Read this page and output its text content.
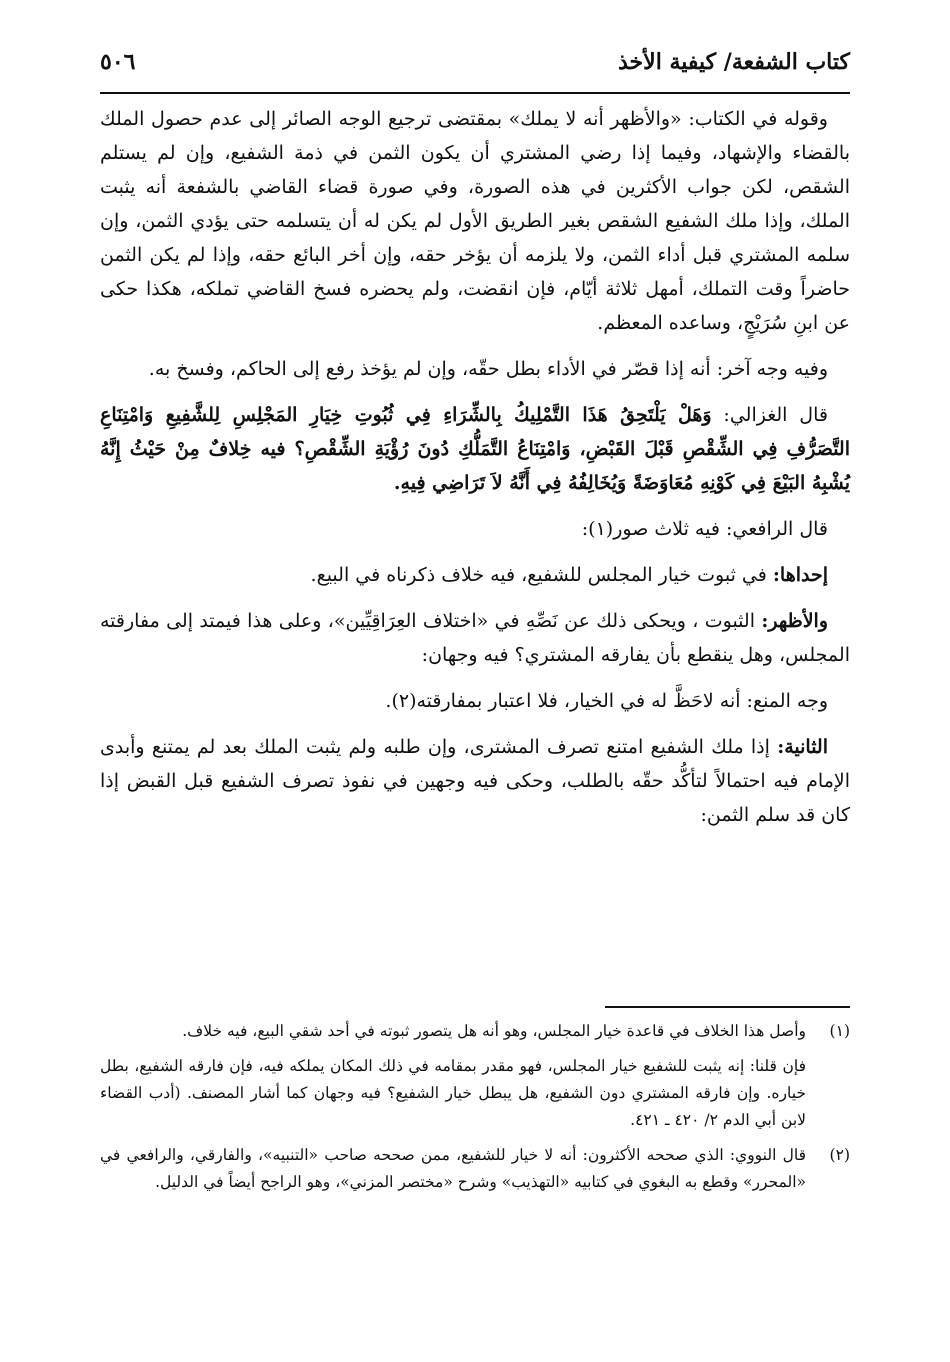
كتاب الشفعة/ كيفية الأخذ
٥٠٦

وقوله في الكتاب: «والأظهر أنه لا يملك» بمقتضى ترجيع الوجه الصائر إلى عدم حصول الملك بالقضاء والإشهاد، وفيما إذا رضي المشتري أن يكون الثمن في ذمة الشفيع، وإن لم يستلم الشقص، لكن جواب الأكثرين في هذه الصورة، وفي صورة قضاء القاضي بالشفعة أنه يثبت الملك، وإذا ملك الشفيع الشقص بغير الطريق الأول لم يكن له أن يتسلمه حتى يؤدي الثمن، وإن سلمه المشتري قبل أداء الثمن، ولا يلزمه أن يؤخر حقه، وإن أخر البائع حقه، وإذا لم يكن الثمن حاضراً وقت التملك، أمهل ثلاثة أيّام، فإن انقضت، ولم يحضره فسخ القاضي تملكه، هكذا حكى عن ابنِ سُرَيْجٍ، وساعده المعظم.

وفيه وجه آخر: أنه إذا قصّر في الأداء بطل حقّه، وإن لم يؤخذ رفع إلى الحاكم، وفسخ به.

قال الغزالي: وَهَلْ يَلْتَحِقُ هَذَا التَّمْلِيكُ بِالشِّرَاءِ فِي ثُبُوتِ خِيَارِ المَجْلِسِ لِلشَّفِيعِ وَامْتِنَاعِ التَّصَرُّفِ فِي الشِّقْصِ قَبْلَ القَبْضِ، وَامْتِنَاعُ التَّمَلُّكِ دُونَ رُؤْيَةِ الشِّقْصِ؟ فيه خِلافٌ مِنْ حَيْثُ إِنَّهُ يُشْبِهُ البَيْعَ فِي كَوْنِهِ مُعَاوَضَةً وَيُخَالِفُهُ فِي أَنَّهُ لاَ تَرَاضِي فِيهِ.

قال الرافعي: فيه ثلاث صور(١):

إحداها: في ثبوت خيار المجلس للشفيع، فيه خلاف ذكرناه في البيع.

والأظهر: الثبوت ، ويحكى ذلك عن نَصِّهِ في «اختلاف العِرَاقِيِّين»، وعلى هذا فيمتد إلى مفارقته المجلس، وهل ينقطع بأن يفارقه المشتري؟ فيه وجهان:

وجه المنع: أنه لاحَظَّ له في الخيار، فلا اعتبار بمفارقته(٢).

الثانية: إذا ملك الشفيع امتنع تصرف المشترى، وإن طلبه ولم يثبت الملك بعد لم يمتنع وأبدى الإمام فيه احتمالاً لتأكُّد حقّه بالطلب، وحكى فيه وجهين في نفوذ تصرف الشفيع قبل القبض إذا كان قد سلم الثمن:

(١)
وأصل هذا الخلاف في قاعدة خيار المجلس، وهو أنه هل يتصور ثبوته في أحد شقي البيع، فيه خلاف.
فإن قلنا: إنه يثبت للشفيع خيار المجلس، فهو مقدر بمقامه في ذلك المكان يملكه فيه، فإن فارقه الشفيع، بطل خياره. وإن فارقه المشتري دون الشفيع، هل يبطل خيار الشفيع؟ فيه وجهان كما أشار المصنف. (أدب القضاء لابن أبي الدم ٢/ ٤٢٠ ـ ٤٢١.
(٢)
قال النووي: الذي صححه الأكثرون: أنه لا خيار للشفيع، ممن صححه صاحب «التنبيه»، والفارقي، والرافعي في «المحرر» وقطع به البغوي في كتابيه «التهذيب» وشرح «مختصر المزني»، وهو الراجح أيضاً في الدليل.
